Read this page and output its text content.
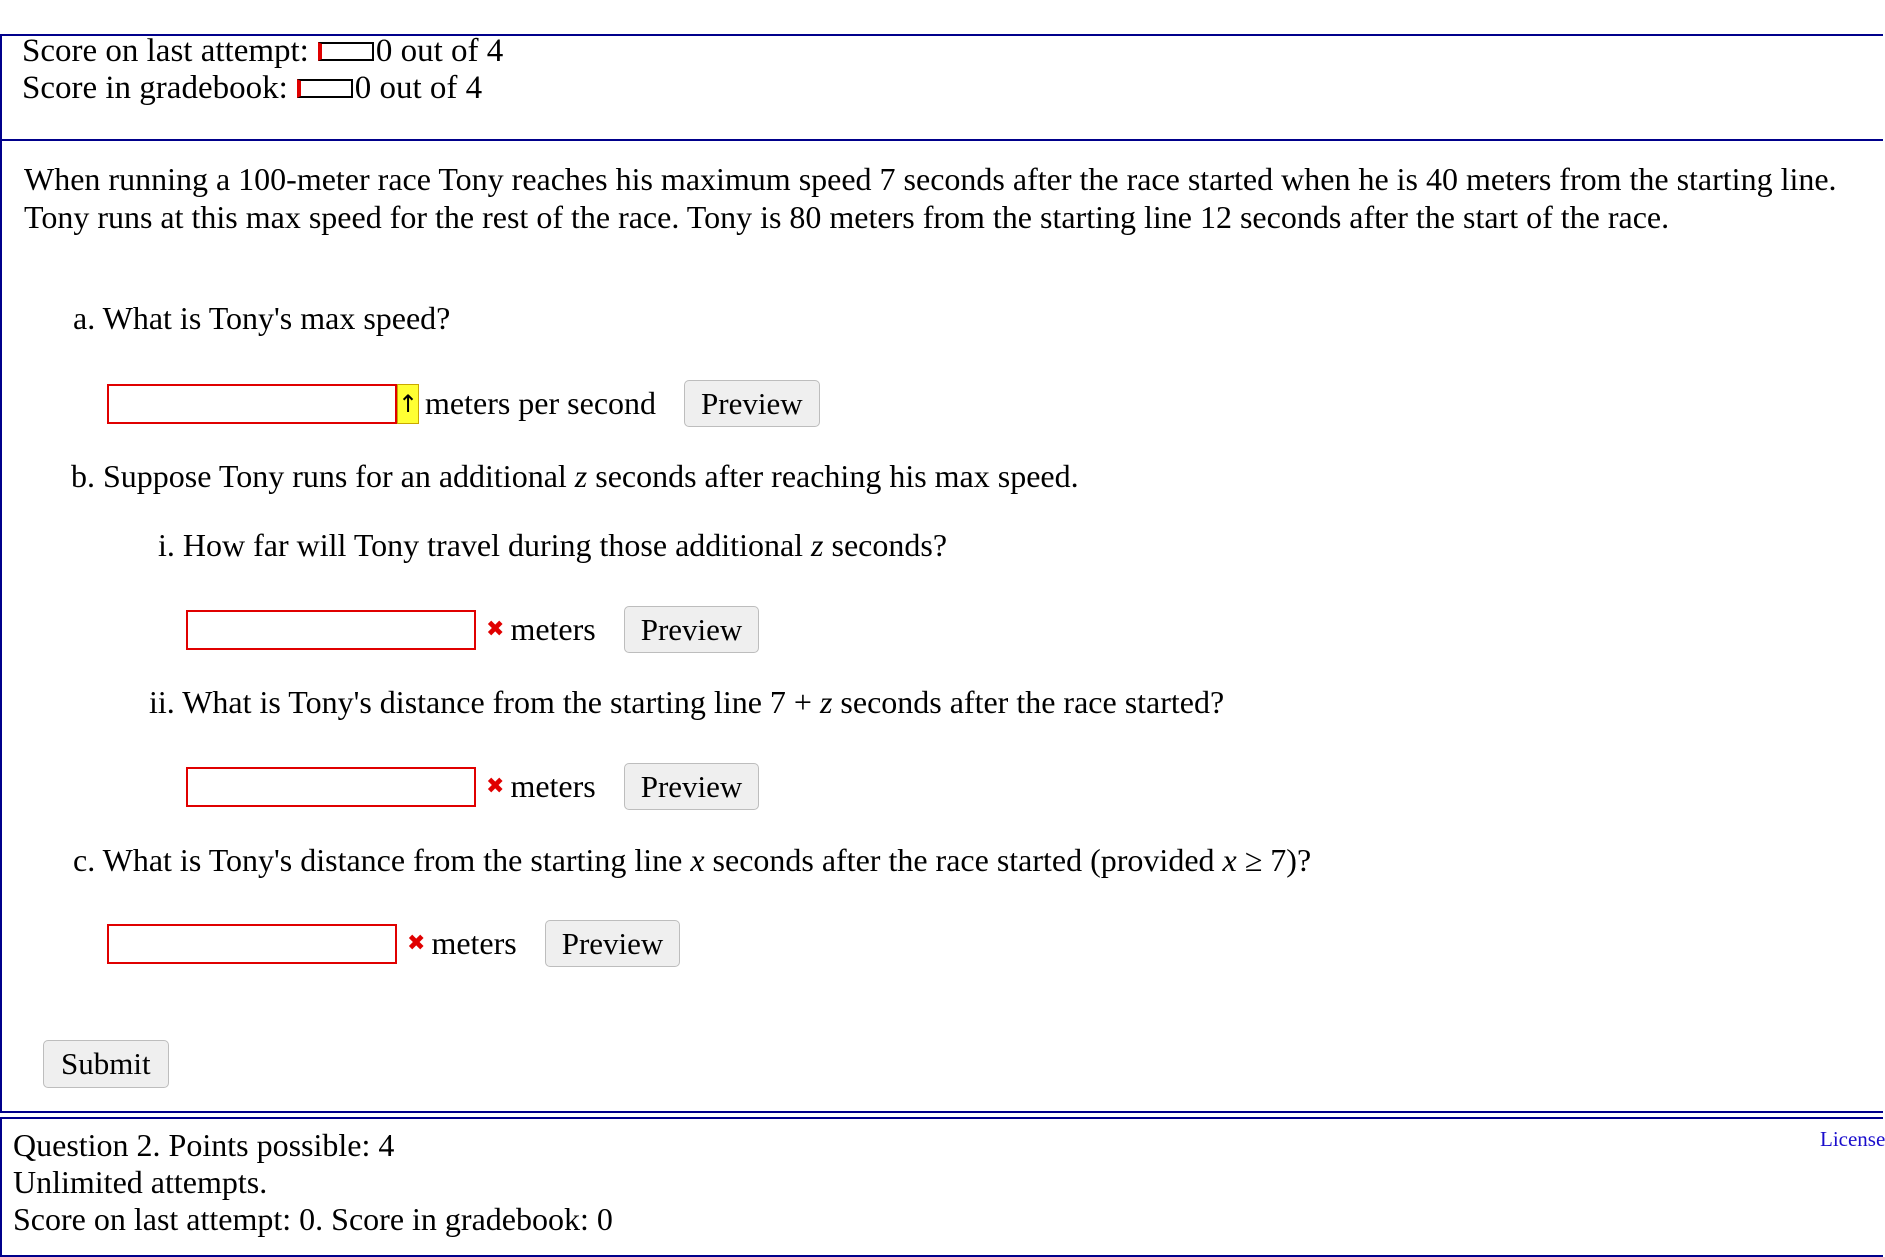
Score on last attempt: 0 out of 4
Score in gradebook: 0 out of 4
When running a 100-meter race Tony reaches his maximum speed 7 seconds after the race started when he is 40 meters from the starting line. Tony runs at this max speed for the rest of the race. Tony is 80 meters from the starting line 12 seconds after the start of the race.
a. What is Tony's max speed?
↑ meters per second	Preview
b. Suppose Tony runs for an additional z seconds after reaching his max speed.
i. How far will Tony travel during those additional z seconds?
✖ meters	Preview
ii. What is Tony's distance from the starting line 7 + z seconds after the race started?
✖ meters	Preview
c. What is Tony's distance from the starting line x seconds after the race started (provided x ≥ 7)?
✖ meters	Preview
Submit
Question 2. Points possible: 4
Unlimited attempts.
Score on last attempt: 0. Score in gradebook: 0
License
